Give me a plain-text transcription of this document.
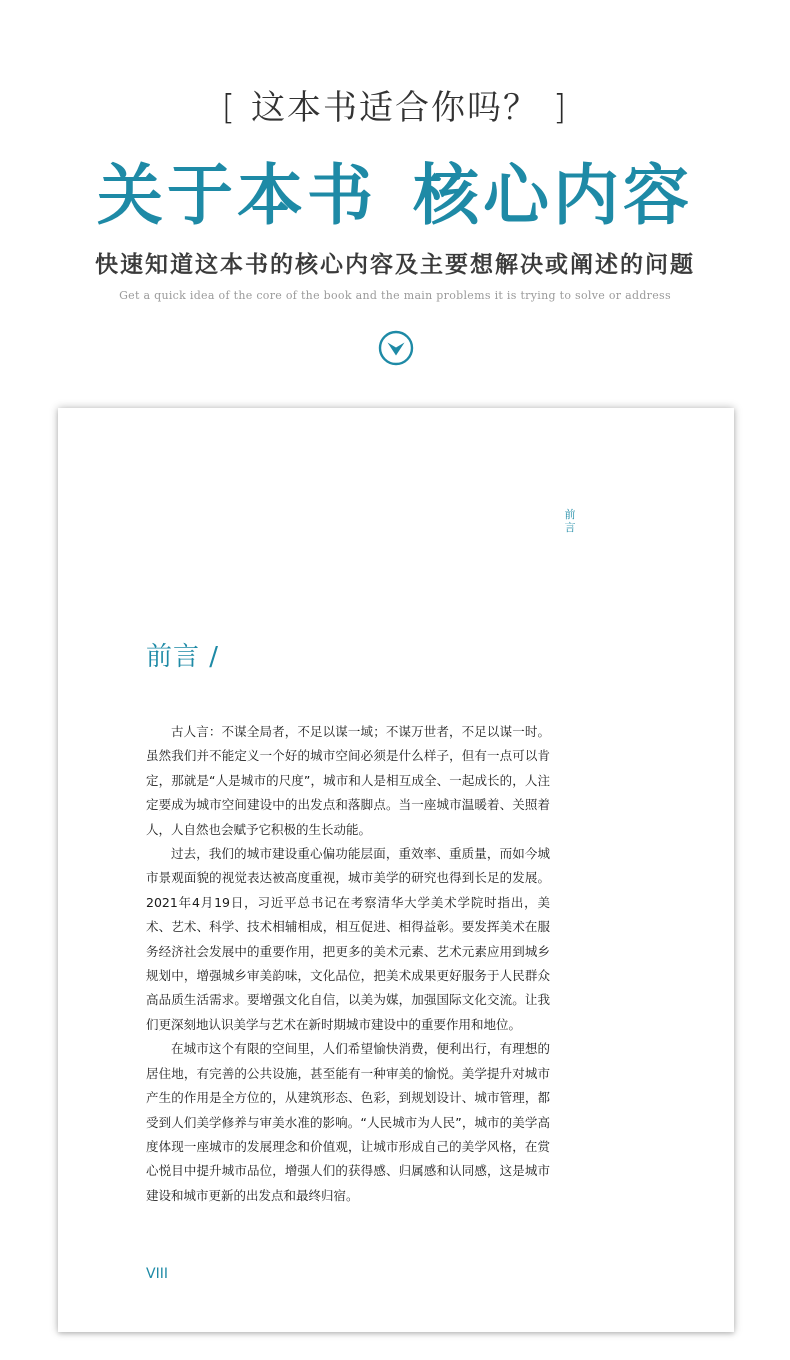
[ 这本书适合你吗？ ]
关于本书 核心内容
快速知道这本书的核心内容及主要想解决或阐述的问题
Get a quick idea of the core of the book and the main problems it is trying to solve or address
前言
前言 /

古人言：不谋全局者，不足以谋一域；不谋万世者，不足以谋一时。虽然我们并不能定义一个好的城市空间必须是什么样子，但有一点可以肯定，那就是“人是城市的尺度”，城市和人是相互成全、一起成长的，人注定要成为城市空间建设中的出发点和落脚点。当一座城市温暖着、关照着人，人自然也会赋予它积极的生长动能。

过去，我们的城市建设重心偏功能层面，重效率、重质量，而如今城市景观面貌的视觉表达被高度重视，城市美学的研究也得到长足的发展。2021年4月19日，习近平总书记在考察清华大学美术学院时指出，美术、艺术、科学、技术相辅相成，相互促进、相得益彰。要发挥美术在服务经济社会发展中的重要作用，把更多的美术元素、艺术元素应用到城乡规划中，增强城乡审美韵味，文化品位，把美术成果更好服务于人民群众高品质生活需求。要增强文化自信，以美为媒，加强国际文化交流。让我们更深刻地认识美学与艺术在新时期城市建设中的重要作用和地位。

在城市这个有限的空间里，人们希望愉快消费，便利出行，有理想的居住地，有完善的公共设施，甚至能有一种审美的愉悦。美学提升对城市产生的作用是全方位的，从建筑形态、色彩，到规划设计、城市管理，都受到人们美学修养与审美水准的影响。“人民城市为人民”，城市的美学高度体现一座城市的发展理念和价值观，让城市形成自己的美学风格，在赏心悦目中提升城市品位，增强人们的获得感、归属感和认同感，这是城市建设和城市更新的出发点和最终归宿。

VIII
